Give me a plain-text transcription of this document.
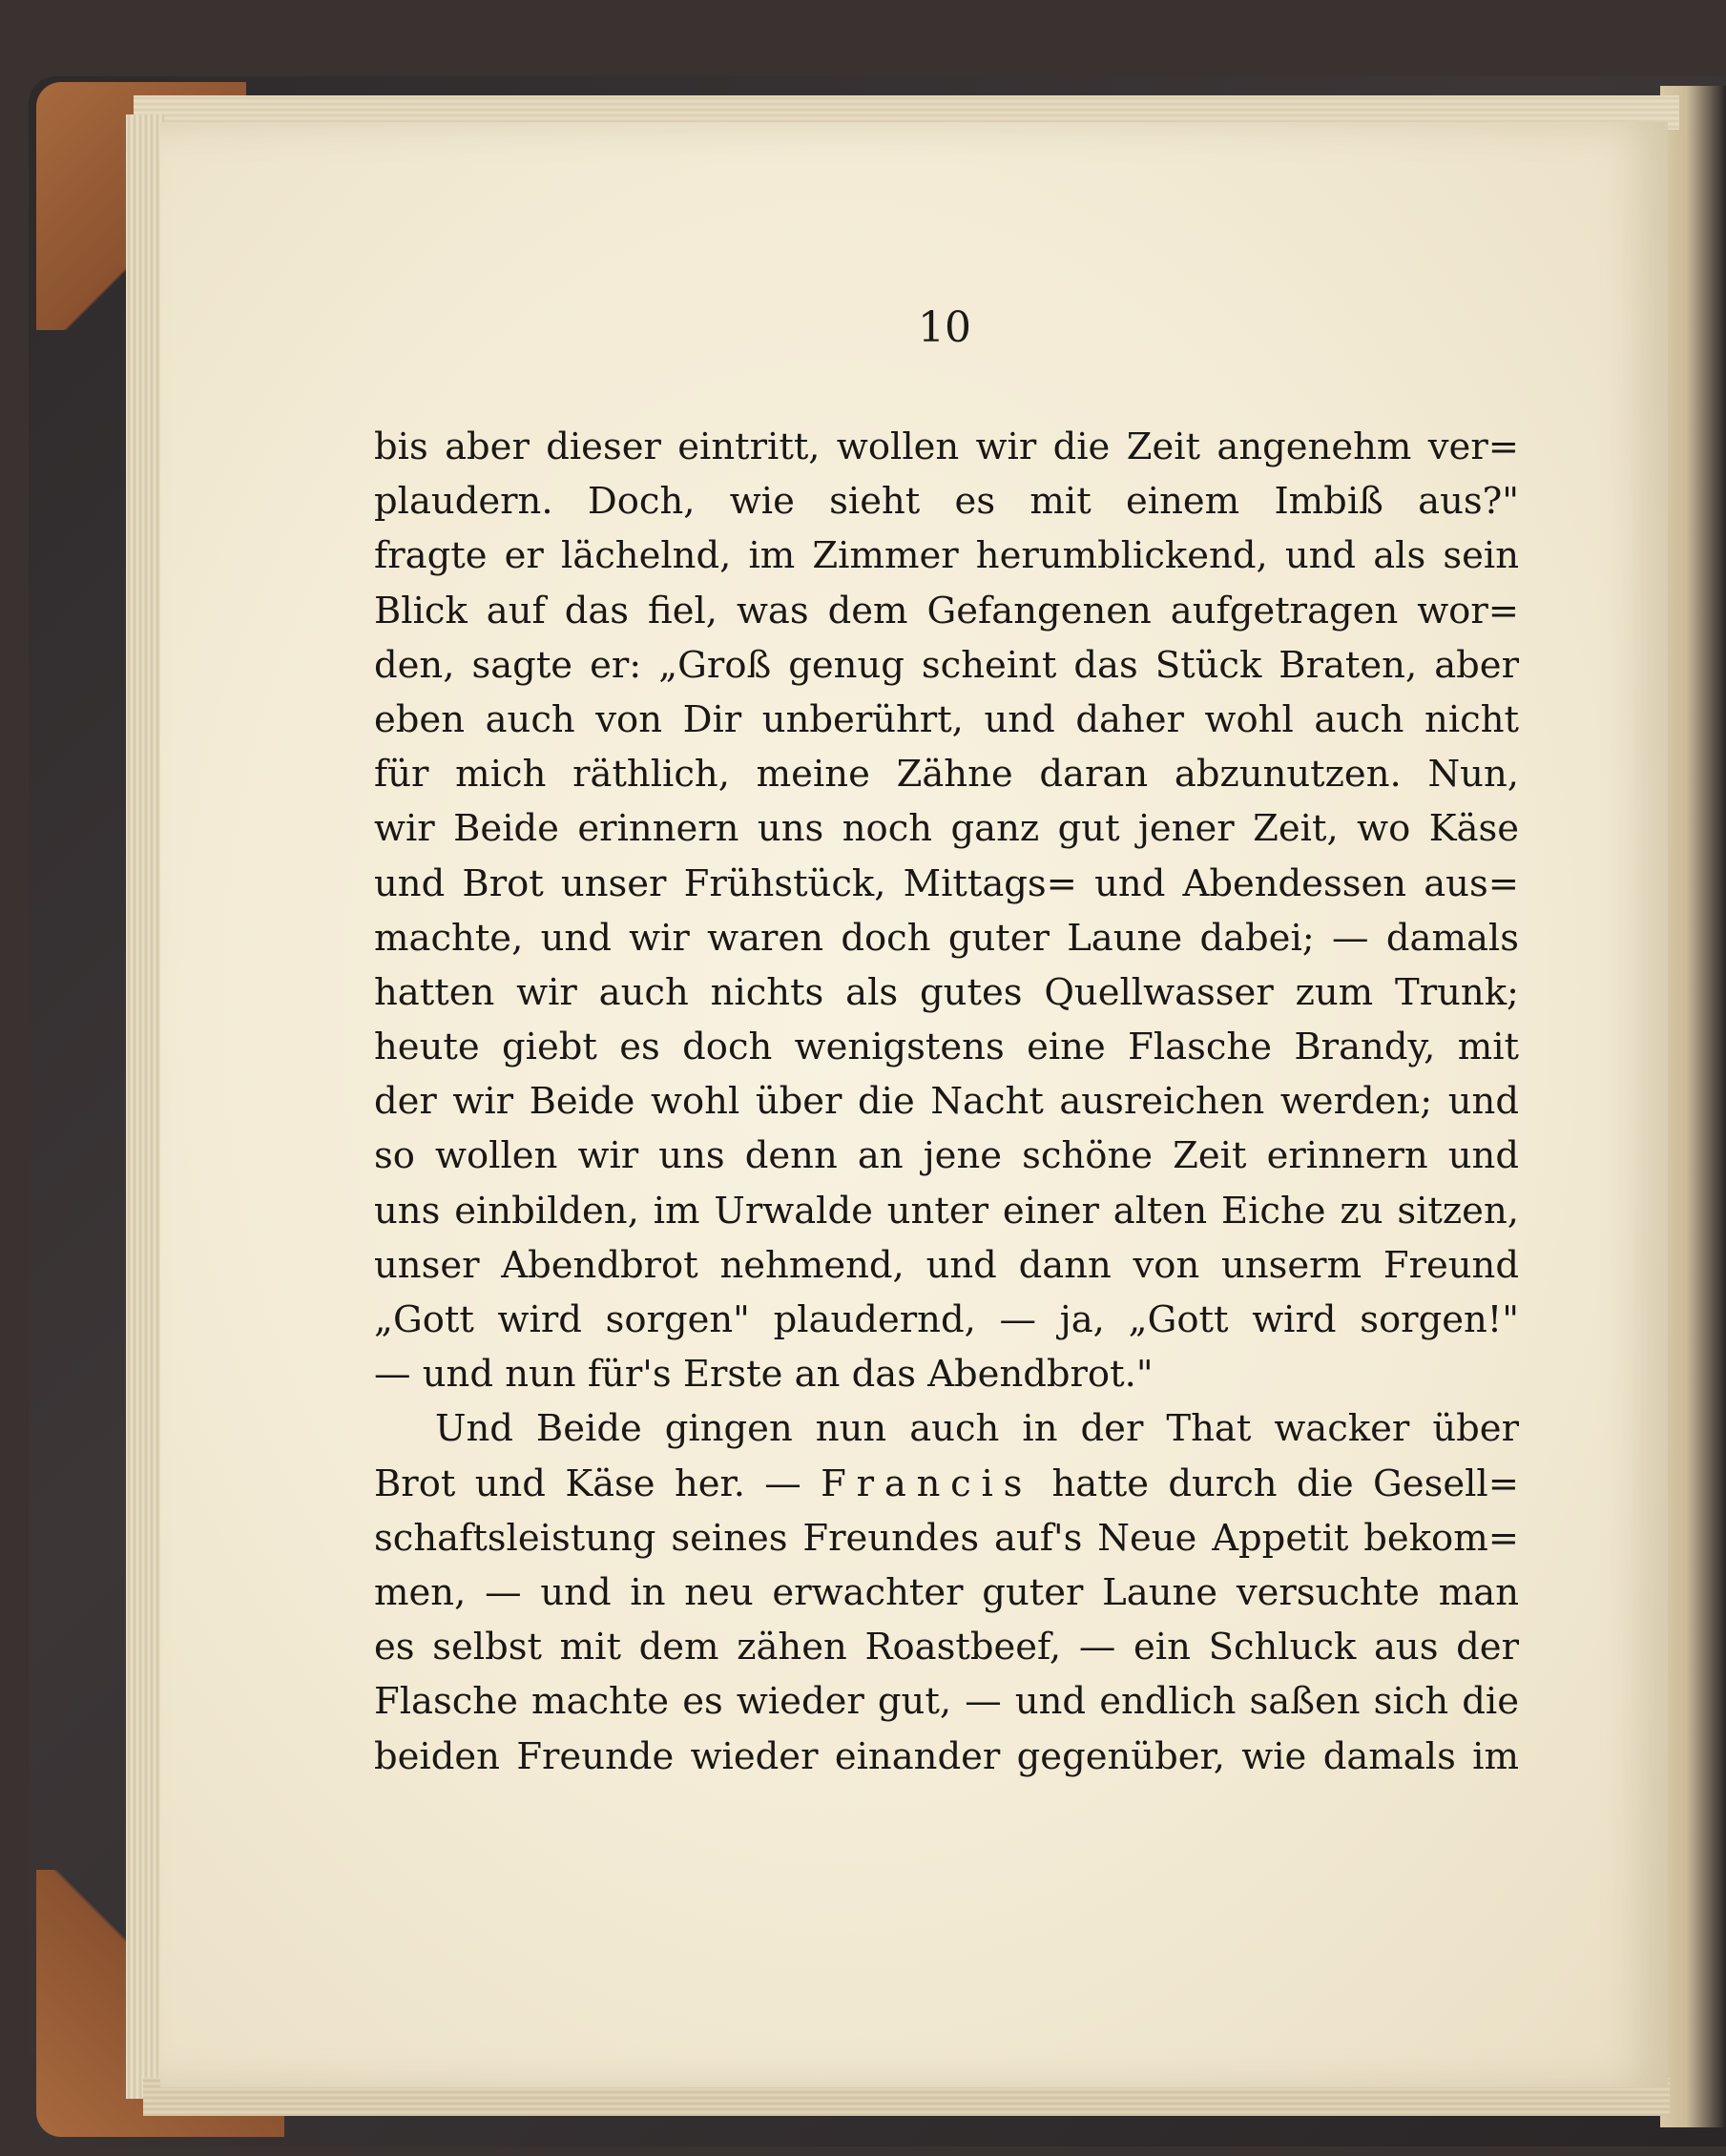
10
bis aber dieser eintritt, wollen wir die Zeit angenehm ver=
plaudern. Doch, wie sieht es mit einem Imbiß aus?"
fragte er lächelnd, im Zimmer herumblickend, und als sein
Blick auf das fiel, was dem Gefangenen aufgetragen wor=
den, sagte er: „Groß genug scheint das Stück Braten, aber
eben auch von Dir unberührt, und daher wohl auch nicht
für mich räthlich, meine Zähne daran abzunutzen. Nun,
wir Beide erinnern uns noch ganz gut jener Zeit, wo Käse
und Brot unser Frühstück, Mittags= und Abendessen aus=
machte, und wir waren doch guter Laune dabei; — damals
hatten wir auch nichts als gutes Quellwasser zum Trunk;
heute giebt es doch wenigstens eine Flasche Brandy, mit
der wir Beide wohl über die Nacht ausreichen werden; und
so wollen wir uns denn an jene schöne Zeit erinnern und
uns einbilden, im Urwalde unter einer alten Eiche zu sitzen,
unser Abendbrot nehmend, und dann von unserm Freund
„Gott wird sorgen" plaudernd, — ja, „Gott wird sorgen!"
— und nun für's Erste an das Abendbrot."
Und Beide gingen nun auch in der That wacker über
Brot und Käse her. — Francis hatte durch die Gesell=
schaftsleistung seines Freundes auf's Neue Appetit bekom=
men, — und in neu erwachter guter Laune versuchte man
es selbst mit dem zähen Roastbeef, — ein Schluck aus der
Flasche machte es wieder gut, — und endlich saßen sich die
beiden Freunde wieder einander gegenüber, wie damals im
